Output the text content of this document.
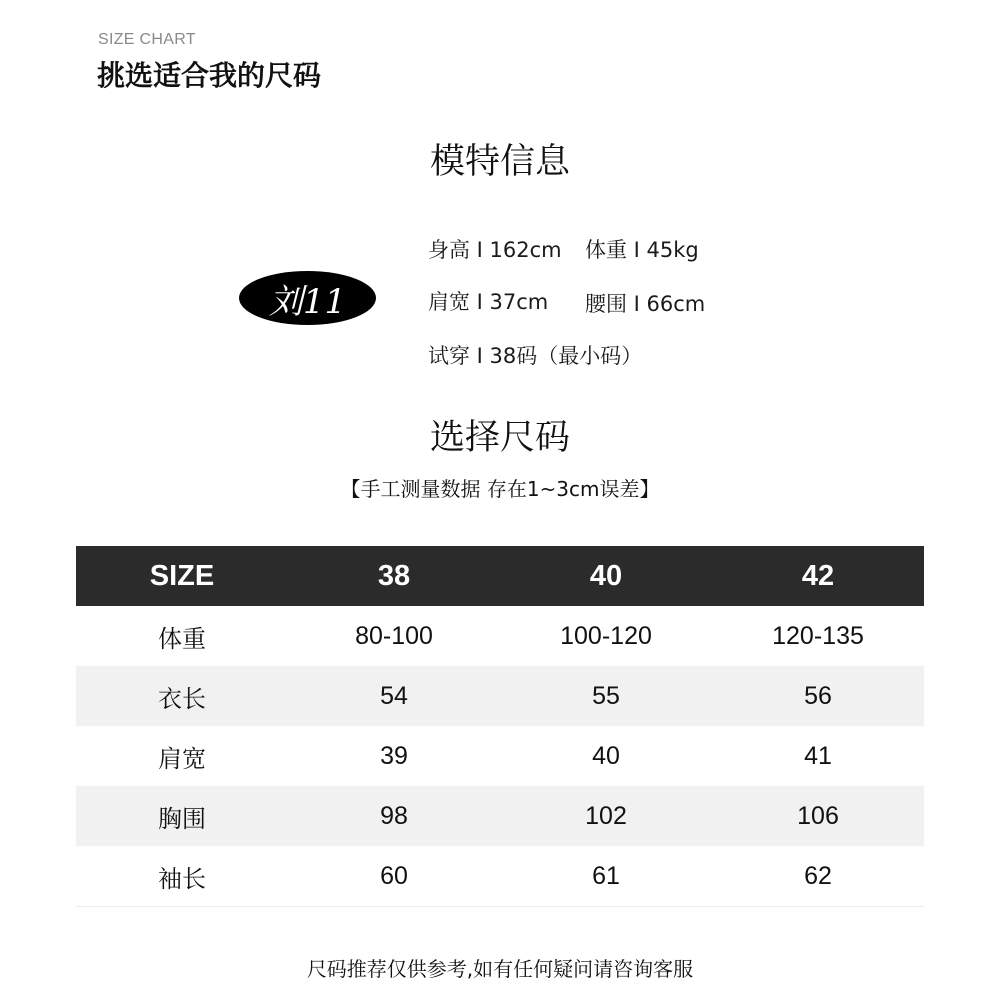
SIZE CHART
挑选适合我的尺码
模特信息
刘11
身高 I 162cm 体重 I 45kg
肩宽 I 37cm 腰围 I 66cm
试穿 I 38码（最小码）
选择尺码
【手工测量数据 存在1~3cm误差】
SIZE	38	40	42
体重	80-100	100-120	120-135
衣长	54	55	56
肩宽	39	40	41
胸围	98	102	106
袖长	60	61	62
尺码推荐仅供参考,如有任何疑问请咨询客服
